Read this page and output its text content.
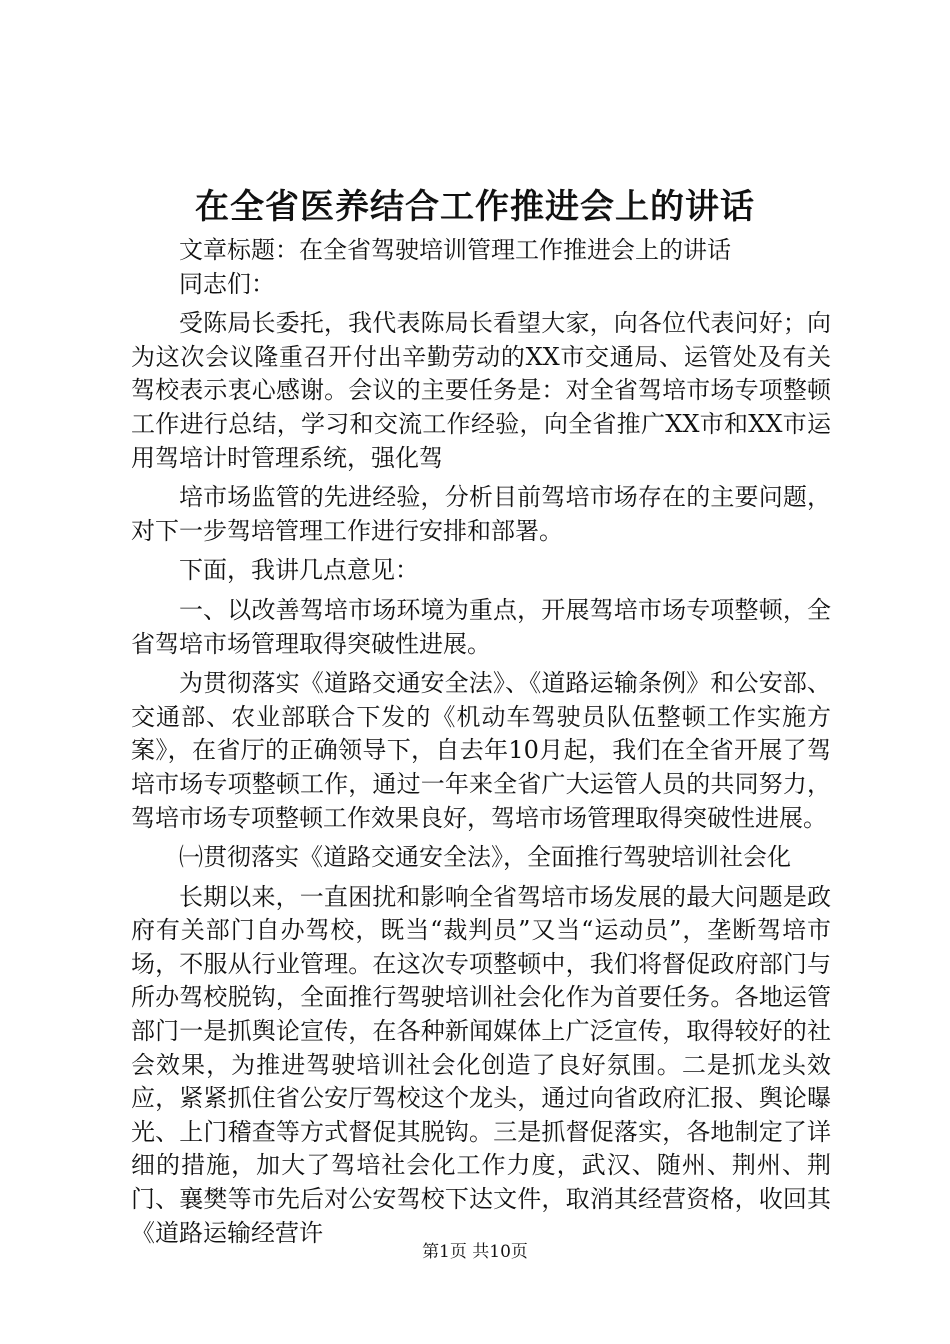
在全省医养结合工作推进会上的讲话

文章标题：在全省驾驶培训管理工作推进会上的讲话

同志们：

受陈局长委托，我代表陈局长看望大家，向各位代表问好；向为这次会议隆重召开付出辛勤劳动的XX市交通局、运管处及有关驾校表示衷心感谢。会议的主要任务是：对全省驾培市场专项整顿工作进行总结，学习和交流工作经验，向全省推广XX市和XX市运用驾培计时管理系统，强化驾

培市场监管的先进经验，分析目前驾培市场存在的主要问题，对下一步驾培管理工作进行安排和部署。

下面，我讲几点意见：

一、以改善驾培市场环境为重点，开展驾培市场专项整顿，全省驾培市场管理取得突破性进展。

为贯彻落实《道路交通安全法》、《道路运输条例》和公安部、交通部、农业部联合下发的《机动车驾驶员队伍整顿工作实施方案》，在省厅的正确领导下，自去年10月起，我们在全省开展了驾培市场专项整顿工作，通过一年来全省广大运管人员的共同努力，驾培市场专项整顿工作效果良好，驾培市场管理取得突破性进展。

㈠贯彻落实《道路交通安全法》，全面推行驾驶培训社会化

长期以来，一直困扰和影响全省驾培市场发展的最大问题是政府有关部门自办驾校，既当“裁判员”又当“运动员”，垄断驾培市场，不服从行业管理。在这次专项整顿中，我们将督促政府部门与所办驾校脱钩，全面推行驾驶培训社会化作为首要任务。各地运管部门一是抓舆论宣传，在各种新闻媒体上广泛宣传，取得较好的社会效果，为推进驾驶培训社会化创造了良好氛围。二是抓龙头效应，紧紧抓住省公安厅驾校这个龙头，通过向省政府汇报、舆论曝光、上门稽查等方式督促其脱钩。三是抓督促落实，各地制定了详细的措施，加大了驾培社会化工作力度，武汉、随州、荆州、荆门、襄樊等市先后对公安驾校下达文件，取消其经营资格，收回其《道路运输经营许

第1页 共10页
